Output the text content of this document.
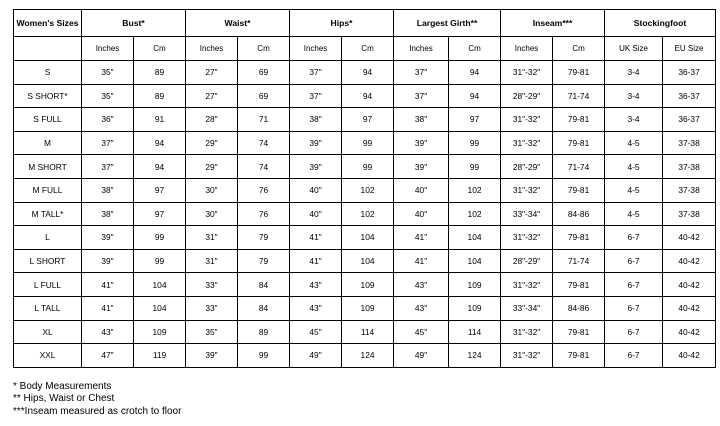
Women's Sizes	Bust*		Waist*		Hips*		Largest Girth**		Inseam***		Stockingfoot	
	Inches	Cm	Inches	Cm	Inches	Cm	Inches	Cm	Inches	Cm	UK Size	EU Size
S	35"	89	27"	69	37"	94	37"	94	31"-32"	79-81	3-4	36-37
S SHORT*	35"	89	27"	69	37"	94	37"	94	28"-29"	71-74	3-4	36-37
S FULL	36"	91	28"	71	38"	97	38"	97	31"-32"	79-81	3-4	36-37
M	37"	94	29"	74	39"	99	39"	99	31"-32"	79-81	4-5	37-38
M SHORT	37"	94	29"	74	39"	99	39"	99	28"-29"	71-74	4-5	37-38
M FULL	38"	97	30"	76	40"	102	40"	102	31"-32"	79-81	4-5	37-38
M TALL*	38"	97	30"	76	40"	102	40"	102	33"-34"	84-86	4-5	37-38
L	39"	99	31"	79	41"	104	41"	104	31"-32"	79-81	6-7	40-42
L SHORT	39"	99	31"	79	41"	104	41"	104	28"-29"	71-74	6-7	40-42
L FULL	41"	104	33"	84	43"	109	43"	109	31"-32"	79-81	6-7	40-42
L TALL	41"	104	33"	84	43"	109	43"	109	33"-34"	84-86	6-7	40-42
XL	43"	109	35"	89	45"	114	45"	114	31"-32"	79-81	6-7	40-42
XXL	47"	119	39"	99	49"	124	49"	124	31"-32"	79-81	6-7	40-42
* Body Measurements
** Hips, Waist or Chest
***Inseam measured as crotch to floor
